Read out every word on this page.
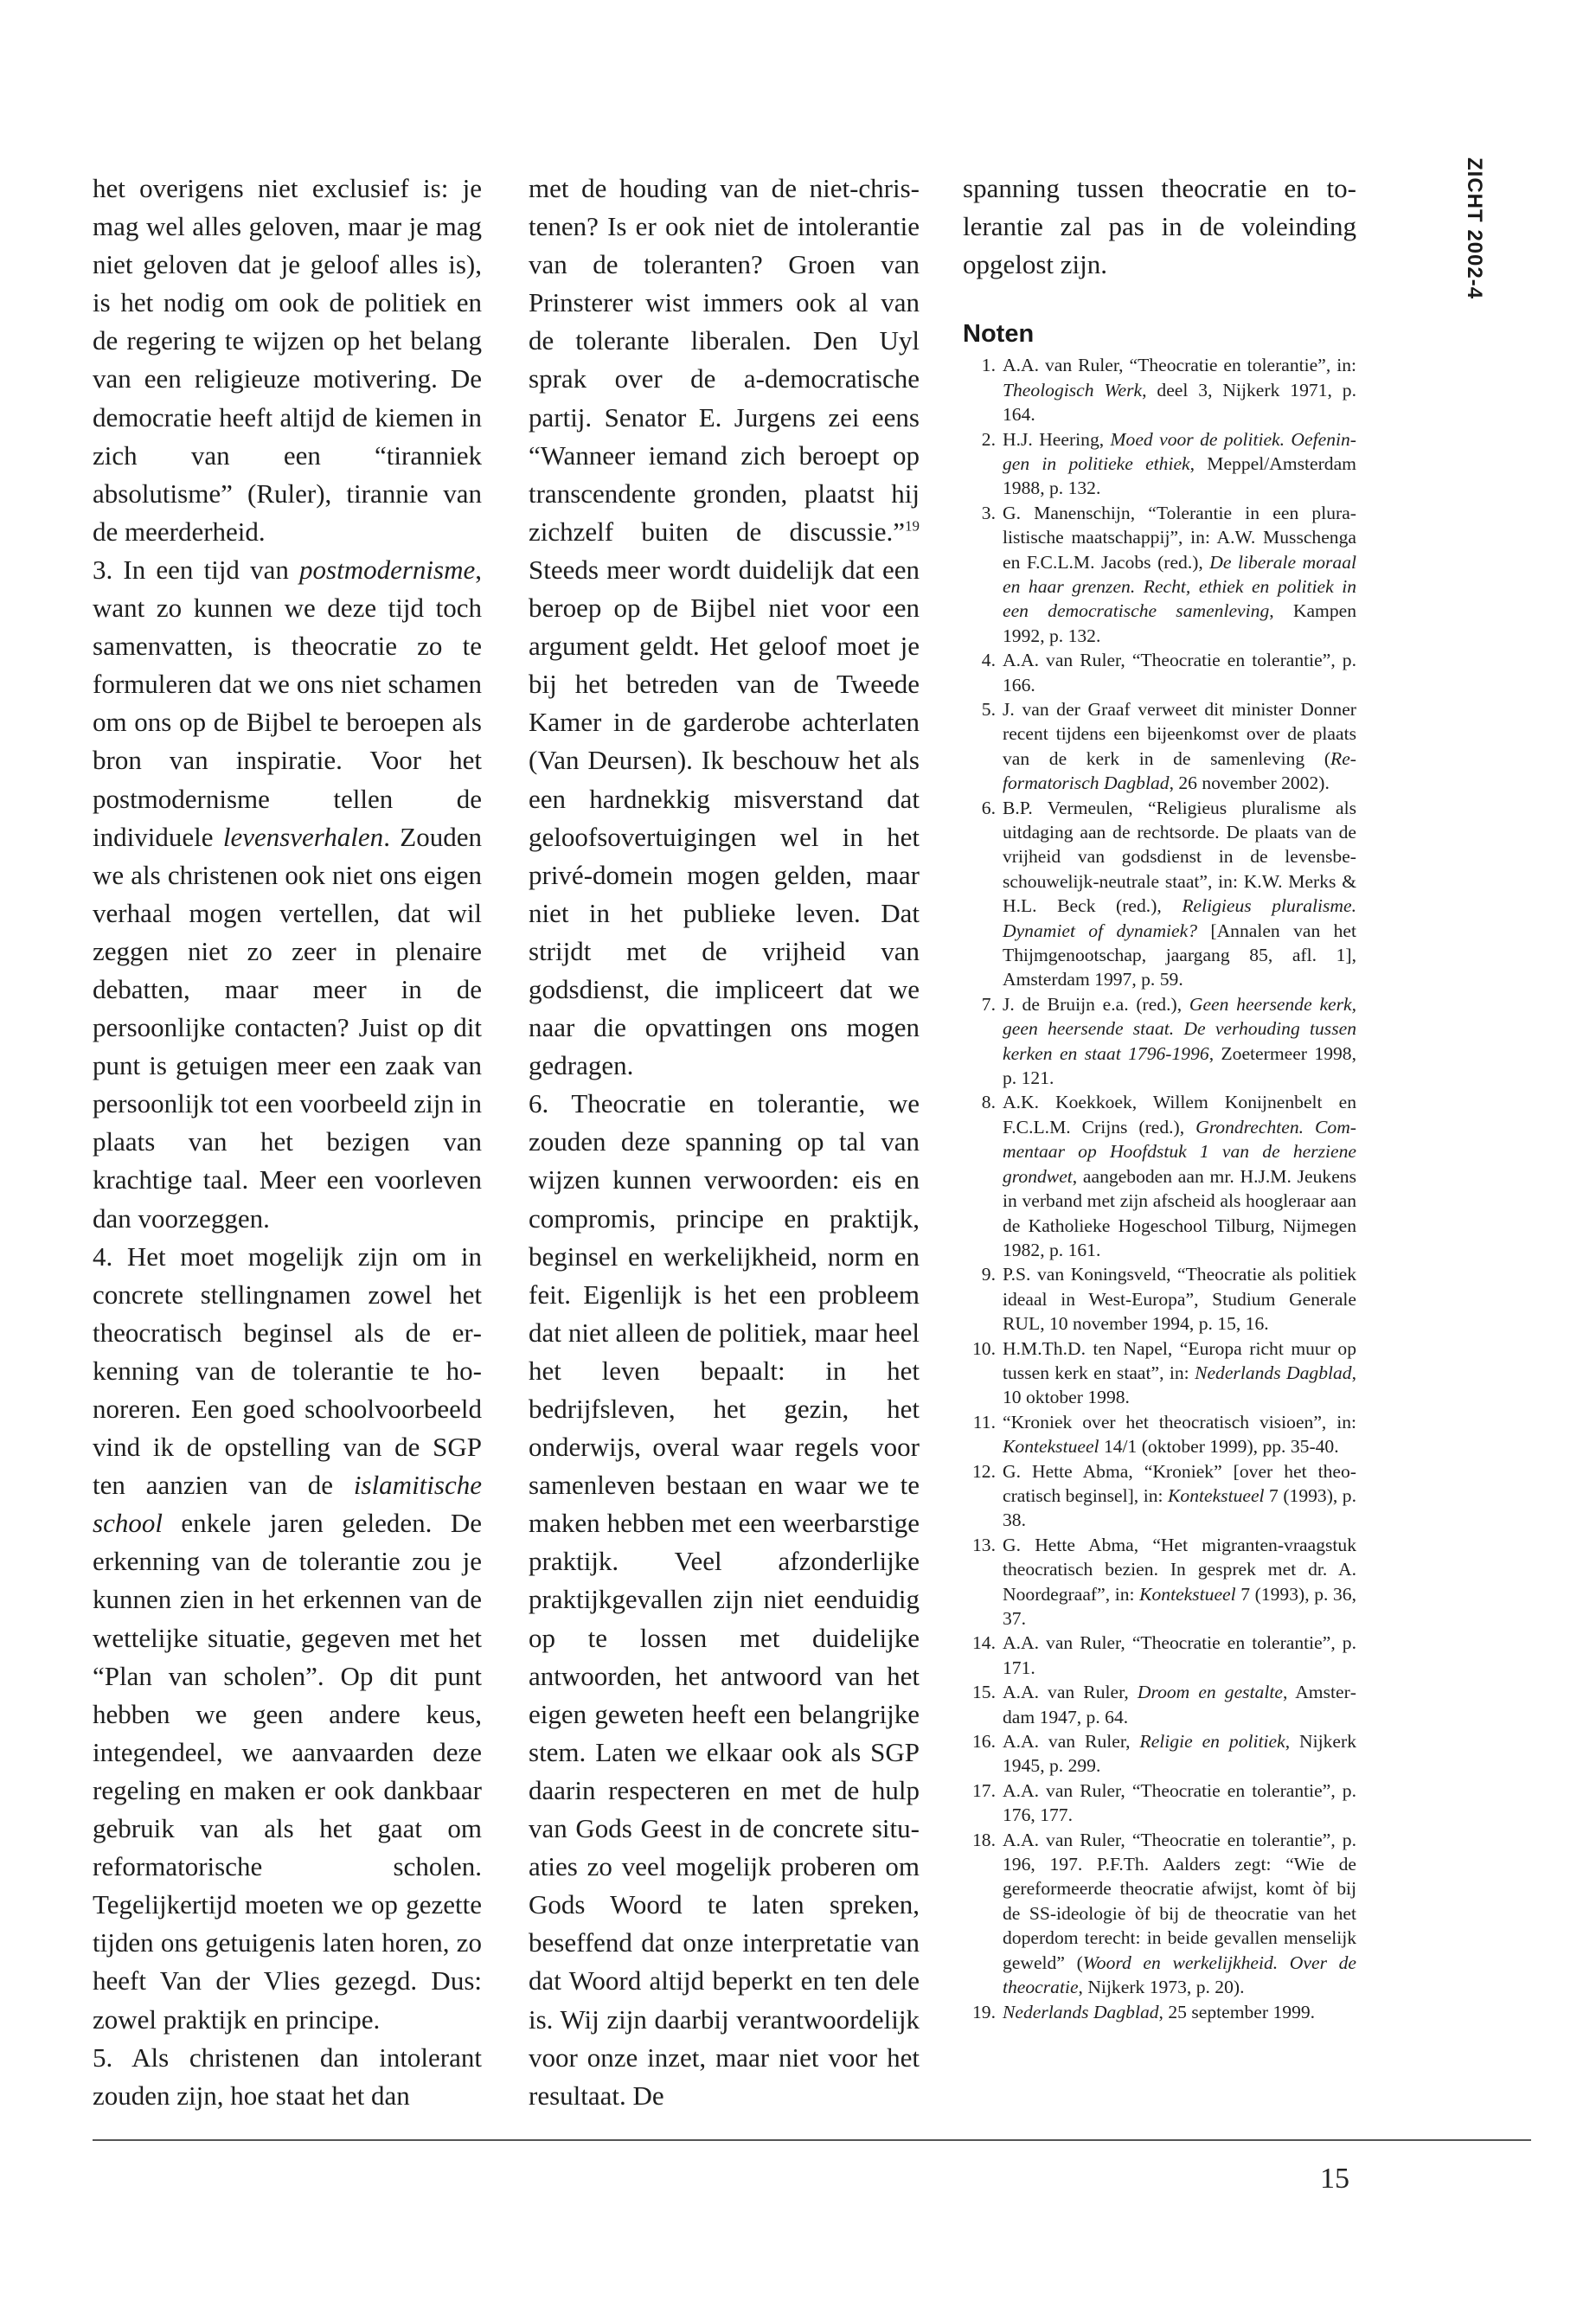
ZICHT 2002-4

het overigens niet exclusief is: je mag wel alles geloven, maar je mag niet geloven dat je geloof alles is), is het nodig om ook de politiek en de regering te wijzen op het belang van een religieuze motivering. De democratie heeft altijd de kiemen in zich van een “tiranniek absolutisme” (Ruler), tirannie van de meerderheid.

3. In een tijd van postmodernisme, want zo kunnen we deze tijd toch samenvatten, is theocratie zo te formuleren dat we ons niet schamen om ons op de Bijbel te beroepen als bron van inspiratie. Voor het postmodernisme tellen de individuele levensverhalen. Zouden we als christenen ook niet ons eigen verhaal mogen vertellen, dat wil zeggen niet zo zeer in plenaire debatten, maar meer in de persoonlijke contacten? Juist op dit punt is getuigen meer een zaak van persoonlijk tot een voorbeeld zijn in plaats van het bezigen van krachtige taal. Meer een voorleven dan voorzeggen.

4. Het moet mogelijk zijn om in concrete stellingnamen zowel het theocratisch beginsel als de erkenning van de tolerantie te honoreren. Een goed schoolvoorbeeld vind ik de opstelling van de SGP ten aanzien van de islamitische school enkele jaren geleden. De erkenning van de tolerantie zou je kunnen zien in het erkennen van de wettelijke situatie, gegeven met het “Plan van scholen”. Op dit punt hebben we geen andere keus, integendeel, we aanvaarden deze regeling en maken er ook dankbaar gebruik van als het gaat om reformatorische scholen. Tegelijkertijd moeten we op gezette tijden ons getuigenis laten horen, zo heeft Van der Vlies gezegd. Dus: zowel praktijk en principe.

5. Als christenen dan intolerant zouden zijn, hoe staat het dan

met de houding van de niet-christenen? Is er ook niet de intolerantie van de toleranten? Groen van Prinsterer wist immers ook al van de tolerante liberalen. Den Uyl sprak over de a-democratische partij. Senator E. Jurgens zei eens “Wanneer iemand zich beroept op transcendente gronden, plaatst hij zichzelf buiten de discussie.”$^{19}$ Steeds meer wordt duidelijk dat een beroep op de Bijbel niet voor een argument geldt. Het geloof moet je bij het betreden van de Tweede Kamer in de garderobe achterlaten (Van Deursen). Ik beschouw het als een hardnekkig misverstand dat geloofsovertuigingen wel in het privé-domein mogen gelden, maar niet in het publieke leven. Dat strijdt met de vrijheid van godsdienst, die impliceert dat we naar die opvattingen ons mogen gedragen.

6. Theocratie en tolerantie, we zouden deze spanning op tal van wijzen kunnen verwoorden: eis en compromis, principe en praktijk, beginsel en werkelijkheid, norm en feit. Eigenlijk is het een probleem dat niet alleen de politiek, maar heel het leven bepaalt: in het bedrijfsleven, het gezin, het onderwijs, overal waar regels voor samenleven bestaan en waar we te maken hebben met een weerbarstige praktijk. Veel afzonderlijke praktijkgevallen zijn niet eenduidig op te lossen met duidelijke antwoorden, het antwoord van het eigen geweten heeft een belangrijke stem. Laten we elkaar ook als SGP daarin respecteren en met de hulp van Gods Geest in de concrete situaties zo veel mogelijk proberen om Gods Woord te laten spreken, beseffend dat onze interpretatie van dat Woord altijd beperkt en ten dele is. Wij zijn daarbij verantwoordelijk voor onze inzet, maar niet voor het resultaat. De

spanning tussen theocratie en tolerantie zal pas in de voleinding opgelost zijn.

Noten
1. A.A. van Ruler, “Theocratie en tolerantie”, in: Theologisch Werk, deel 3, Nijkerk 1971, p. 164.
2. H.J. Heering, Moed voor de politiek. Oefeningen in politieke ethiek, Meppel/Amsterdam 1988, p. 132.
3. G. Manenschijn, “Tolerantie in een pluralistische maatschappij”, in: A.W. Musschenga en F.C.L.M. Jacobs (red.), De liberale moraal en haar grenzen. Recht, ethiek en politiek in een democratische samenleving, Kampen 1992, p. 132.
4. A.A. van Ruler, “Theocratie en tolerantie”, p. 166.
5. J. van der Graaf verweet dit minister Donner recent tijdens een bijeenkomst over de plaats van de kerk in de samenleving (Reformatorisch Dagblad, 26 november 2002).
6. B.P. Vermeulen, “Religieus pluralisme als uitdaging aan de rechtsorde. De plaats van de vrijheid van godsdienst in de levensbeschouwelijk-neutrale staat”, in: K.W. Merks & H.L. Beck (red.), Religieus pluralisme. Dynamiet of dynamiek? [Annalen van het Thijmgenootschap, jaargang 85, afl. 1], Amsterdam 1997, p. 59.
7. J. de Bruijn e.a. (red.), Geen heersende kerk, geen heersende staat. De verhouding tussen kerken en staat 1796-1996, Zoetermeer 1998, p. 121.
8. A.K. Koekkoek, Willem Konijnenbelt en F.C.L.M. Crijns (red.), Grondrechten. Commentaar op Hoofdstuk 1 van de herziene grondwet, aangeboden aan mr. H.J.M. Jeukens in verband met zijn afscheid als hoogleraar aan de Katholieke Hogeschool Tilburg, Nijmegen 1982, p. 161.
9. P.S. van Koningsveld, “Theocratie als politiek ideaal in West-Europa”, Studium Generale RUL, 10 november 1994, p. 15, 16.
10. H.M.Th.D. ten Napel, “Europa richt muur op tussen kerk en staat”, in: Nederlands Dagblad, 10 oktober 1998.
11. “Kroniek over het theocratisch visioen”, in: Kontekstueel 14/1 (oktober 1999), pp. 35-40.
12. G. Hette Abma, “Kroniek” [over het theocratisch beginsel], in: Kontekstueel 7 (1993), p. 38.
13. G. Hette Abma, “Het migranten-vraagstuk theocratisch bezien. In gesprek met dr. A. Noordegraaf”, in: Kontekstueel 7 (1993), p. 36, 37.
14. A.A. van Ruler, “Theocratie en tolerantie”, p. 171.
15. A.A. van Ruler, Droom en gestalte, Amsterdam 1947, p. 64.
16. A.A. van Ruler, Religie en politiek, Nijkerk 1945, p. 299.
17. A.A. van Ruler, “Theocratie en tolerantie”, p. 176, 177.
18. A.A. van Ruler, “Theocratie en tolerantie”, p. 196, 197. P.F.Th. Aalders zegt: “Wie de gereformeerde theocratie afwijst, komt òf bij de SS-ideologie òf bij de theocratie van het doperdom terecht: in beide gevallen menselijk geweld” (Woord en werkelijkheid. Over de theocratie, Nijkerk 1973, p. 20).
19. Nederlands Dagblad, 25 september 1999.
15
